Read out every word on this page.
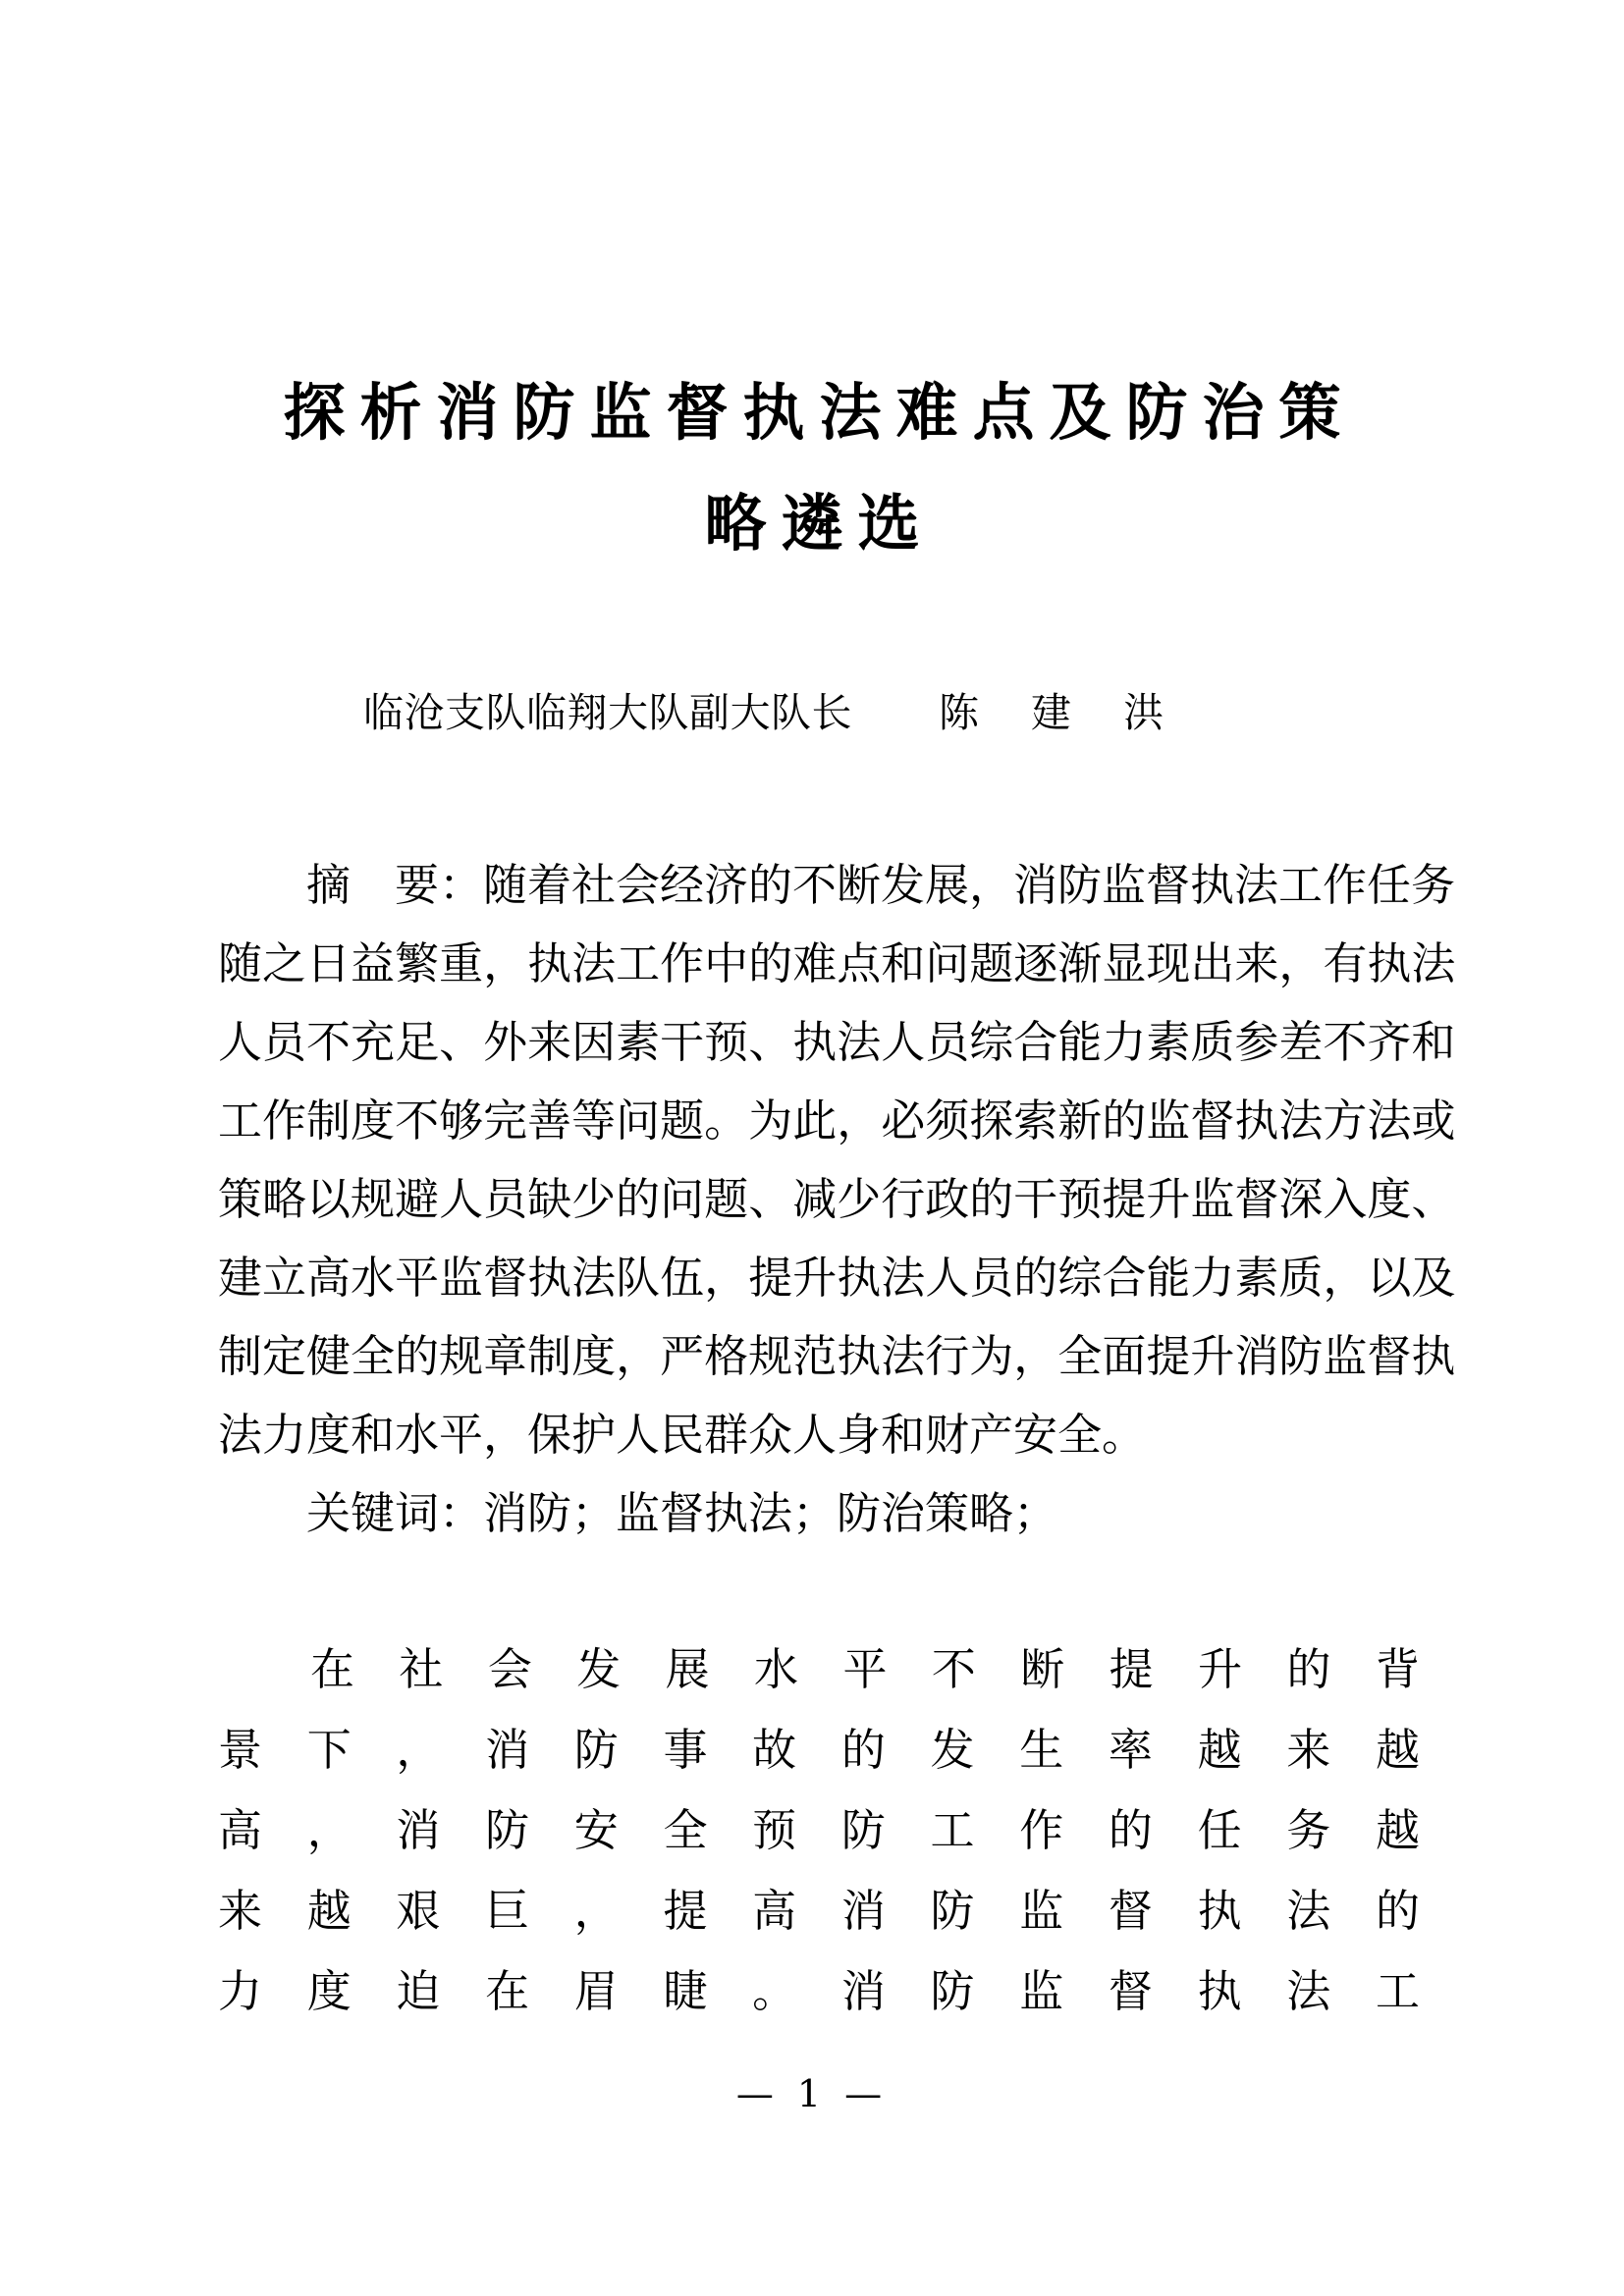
探析消防监督执法难点及防治策
略遴选
临沧支队临翔大队副大队长 陈 建 洪
摘　要：随着社会经济的不断发展，消防监督执法工作任务
随 之 日 益 繁 重 ， 执 法 工 作 中 的 难 点 和 问 题 逐 渐 显 现 出 来 ， 有 执 法
人 员 不 充 足 、 外 来 因 素 干 预 、 执 法 人 员 综 合 能 力 素 质 参 差 不 齐 和
工 作 制 度 不 够 完 善 等 问 题 。 为 此 ， 必 须 探 索 新 的 监 督 执 法 方 法 或
策 略 以 规 避 人 员 缺 少 的 问 题 、 减 少 行 政 的 干 预 提 升 监 督 深 入 度 、
建 立 高 水 平 监 督 执 法 队 伍 ， 提 升 执 法 人 员 的 综 合 能 力 素 质 ， 以 及
制 定 健 全 的 规 章 制 度 ， 严 格 规 范 执 法 行 为 ， 全 面 提 升 消 防 监 督 执
法力度和水平，保护人民群众人身和财产安全。
关键词：消防；监督执法；防治策略；
在 社 会 发 展 水 平 不 断 提 升 的 背
景 下 ， 消 防 事 故 的 发 生 率 越 来 越
高 ， 消 防 安 全 预 防 工 作 的 任 务 越
来 越 艰 巨 ， 提 高 消 防 监 督 执 法 的
力 度 迫 在 眉 睫 。 消 防 监 督 执 法 工
— 1 —
